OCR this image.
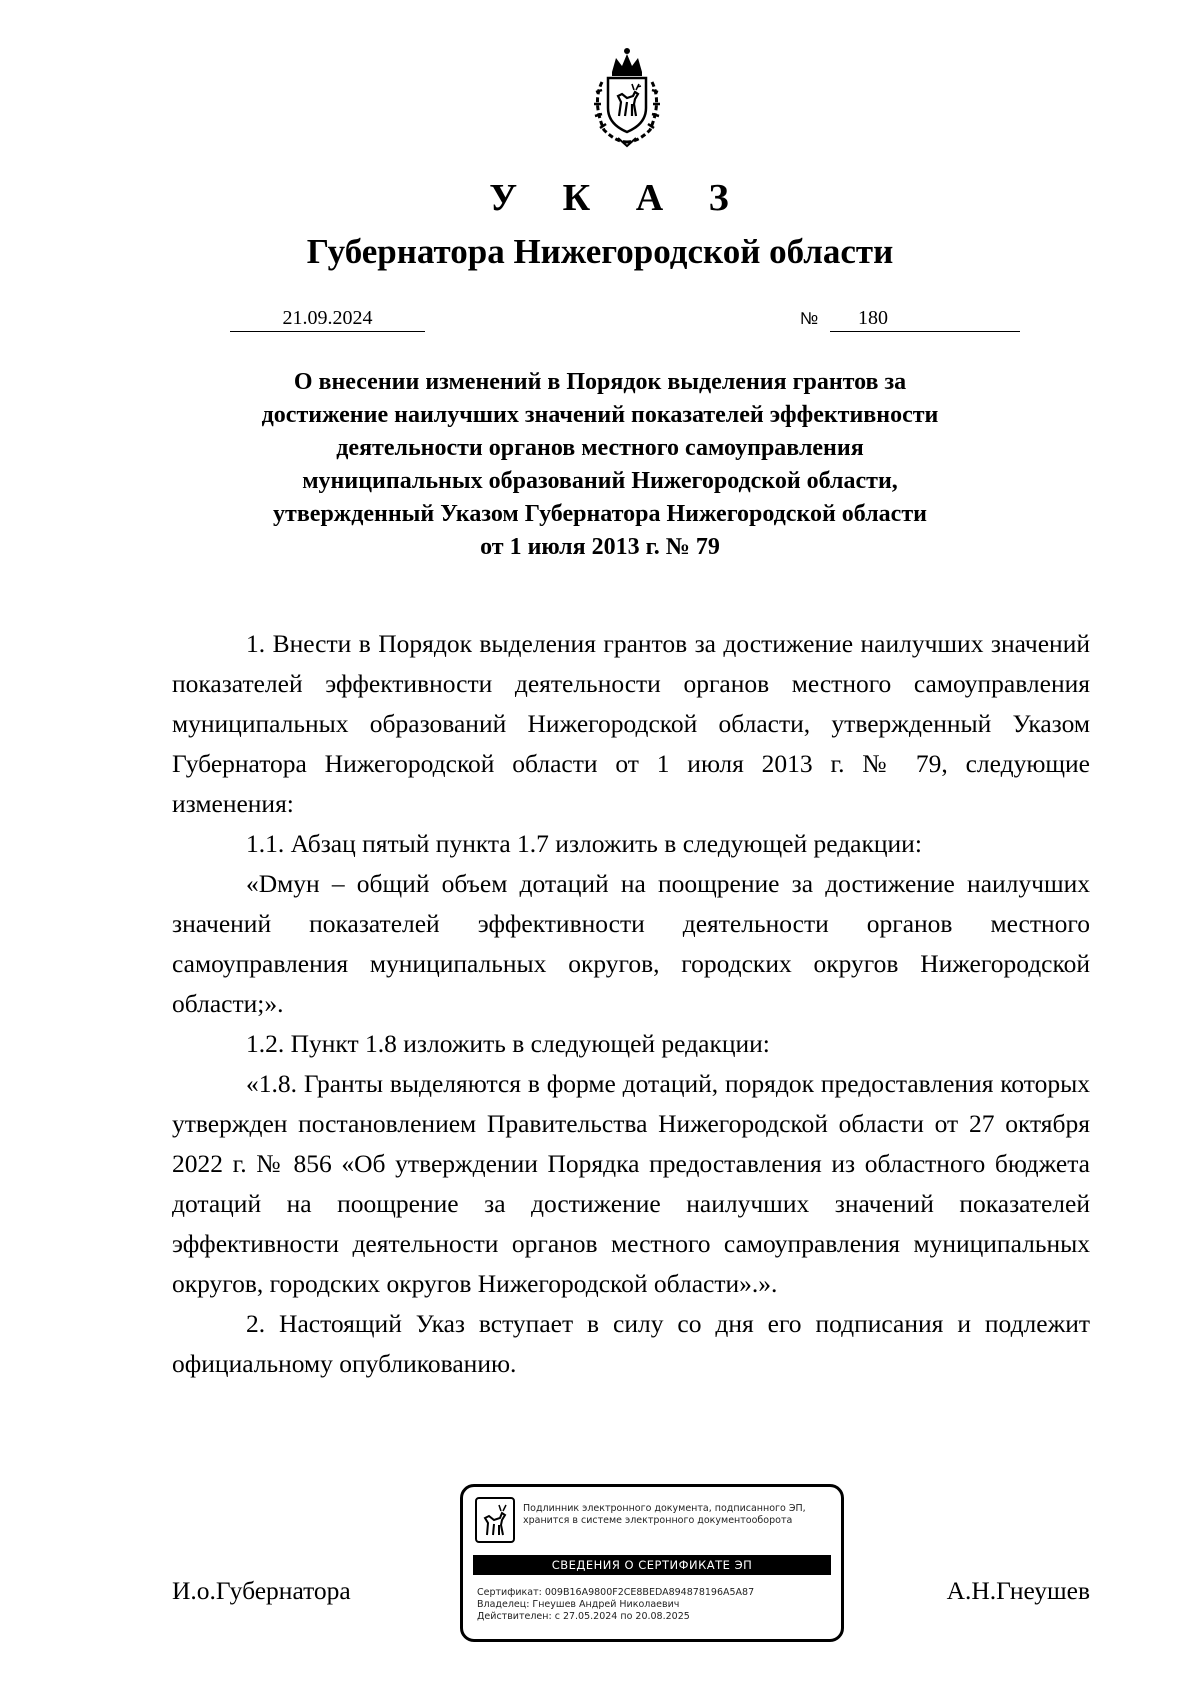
У К А З
Губернатора Нижегородской области
21.09.2024	№	180
О внесении изменений в Порядок выделения грантов за
достижение наилучших значений показателей эффективности
деятельности органов местного самоуправления
муниципальных образований Нижегородской области,
утвержденный Указом Губернатора Нижегородской области
от 1 июля 2013 г. № 79

1. Внести в Порядок выделения грантов за достижение наилучших значений показателей эффективности деятельности органов местного самоуправления муниципальных образований Нижегородской области, утвержденный Указом Губернатора Нижегородской области от 1 июля 2013 г. № 79, следующие изменения:

1.1. Абзац пятый пункта 1.7 изложить в следующей редакции:

«Dмун – общий объем дотаций на поощрение за достижение наилучших значений показателей эффективности деятельности органов местного самоуправления муниципальных округов, городских округов Нижегородской области;».

1.2. Пункт 1.8 изложить в следующей редакции:

«1.8. Гранты выделяются в форме дотаций, порядок предоставления которых утвержден постановлением Правительства Нижегородской области от 27 октября 2022 г. № 856 «Об утверждении Порядка предоставления из областного бюджета дотаций на поощрение за достижение наилучших значений показателей эффективности деятельности органов местного самоуправления муниципальных округов, городских округов Нижегородской области».».

2. Настоящий Указ вступает в силу со дня его подписания и подлежит официальному опубликованию.

И.о.Губернатора	А.Н.Гнеушев
Подлинник электронного документа, подписанного ЭП,
хранится в системе электронного документооборота
СВЕДЕНИЯ О СЕРТИФИКАТЕ ЭП
Сертификат: 009B16A9800F2CE8BEDA894878196A5A87
Владелец: Гнеушев Андрей Николаевич
Действителен: с 27.05.2024 по 20.08.2025
